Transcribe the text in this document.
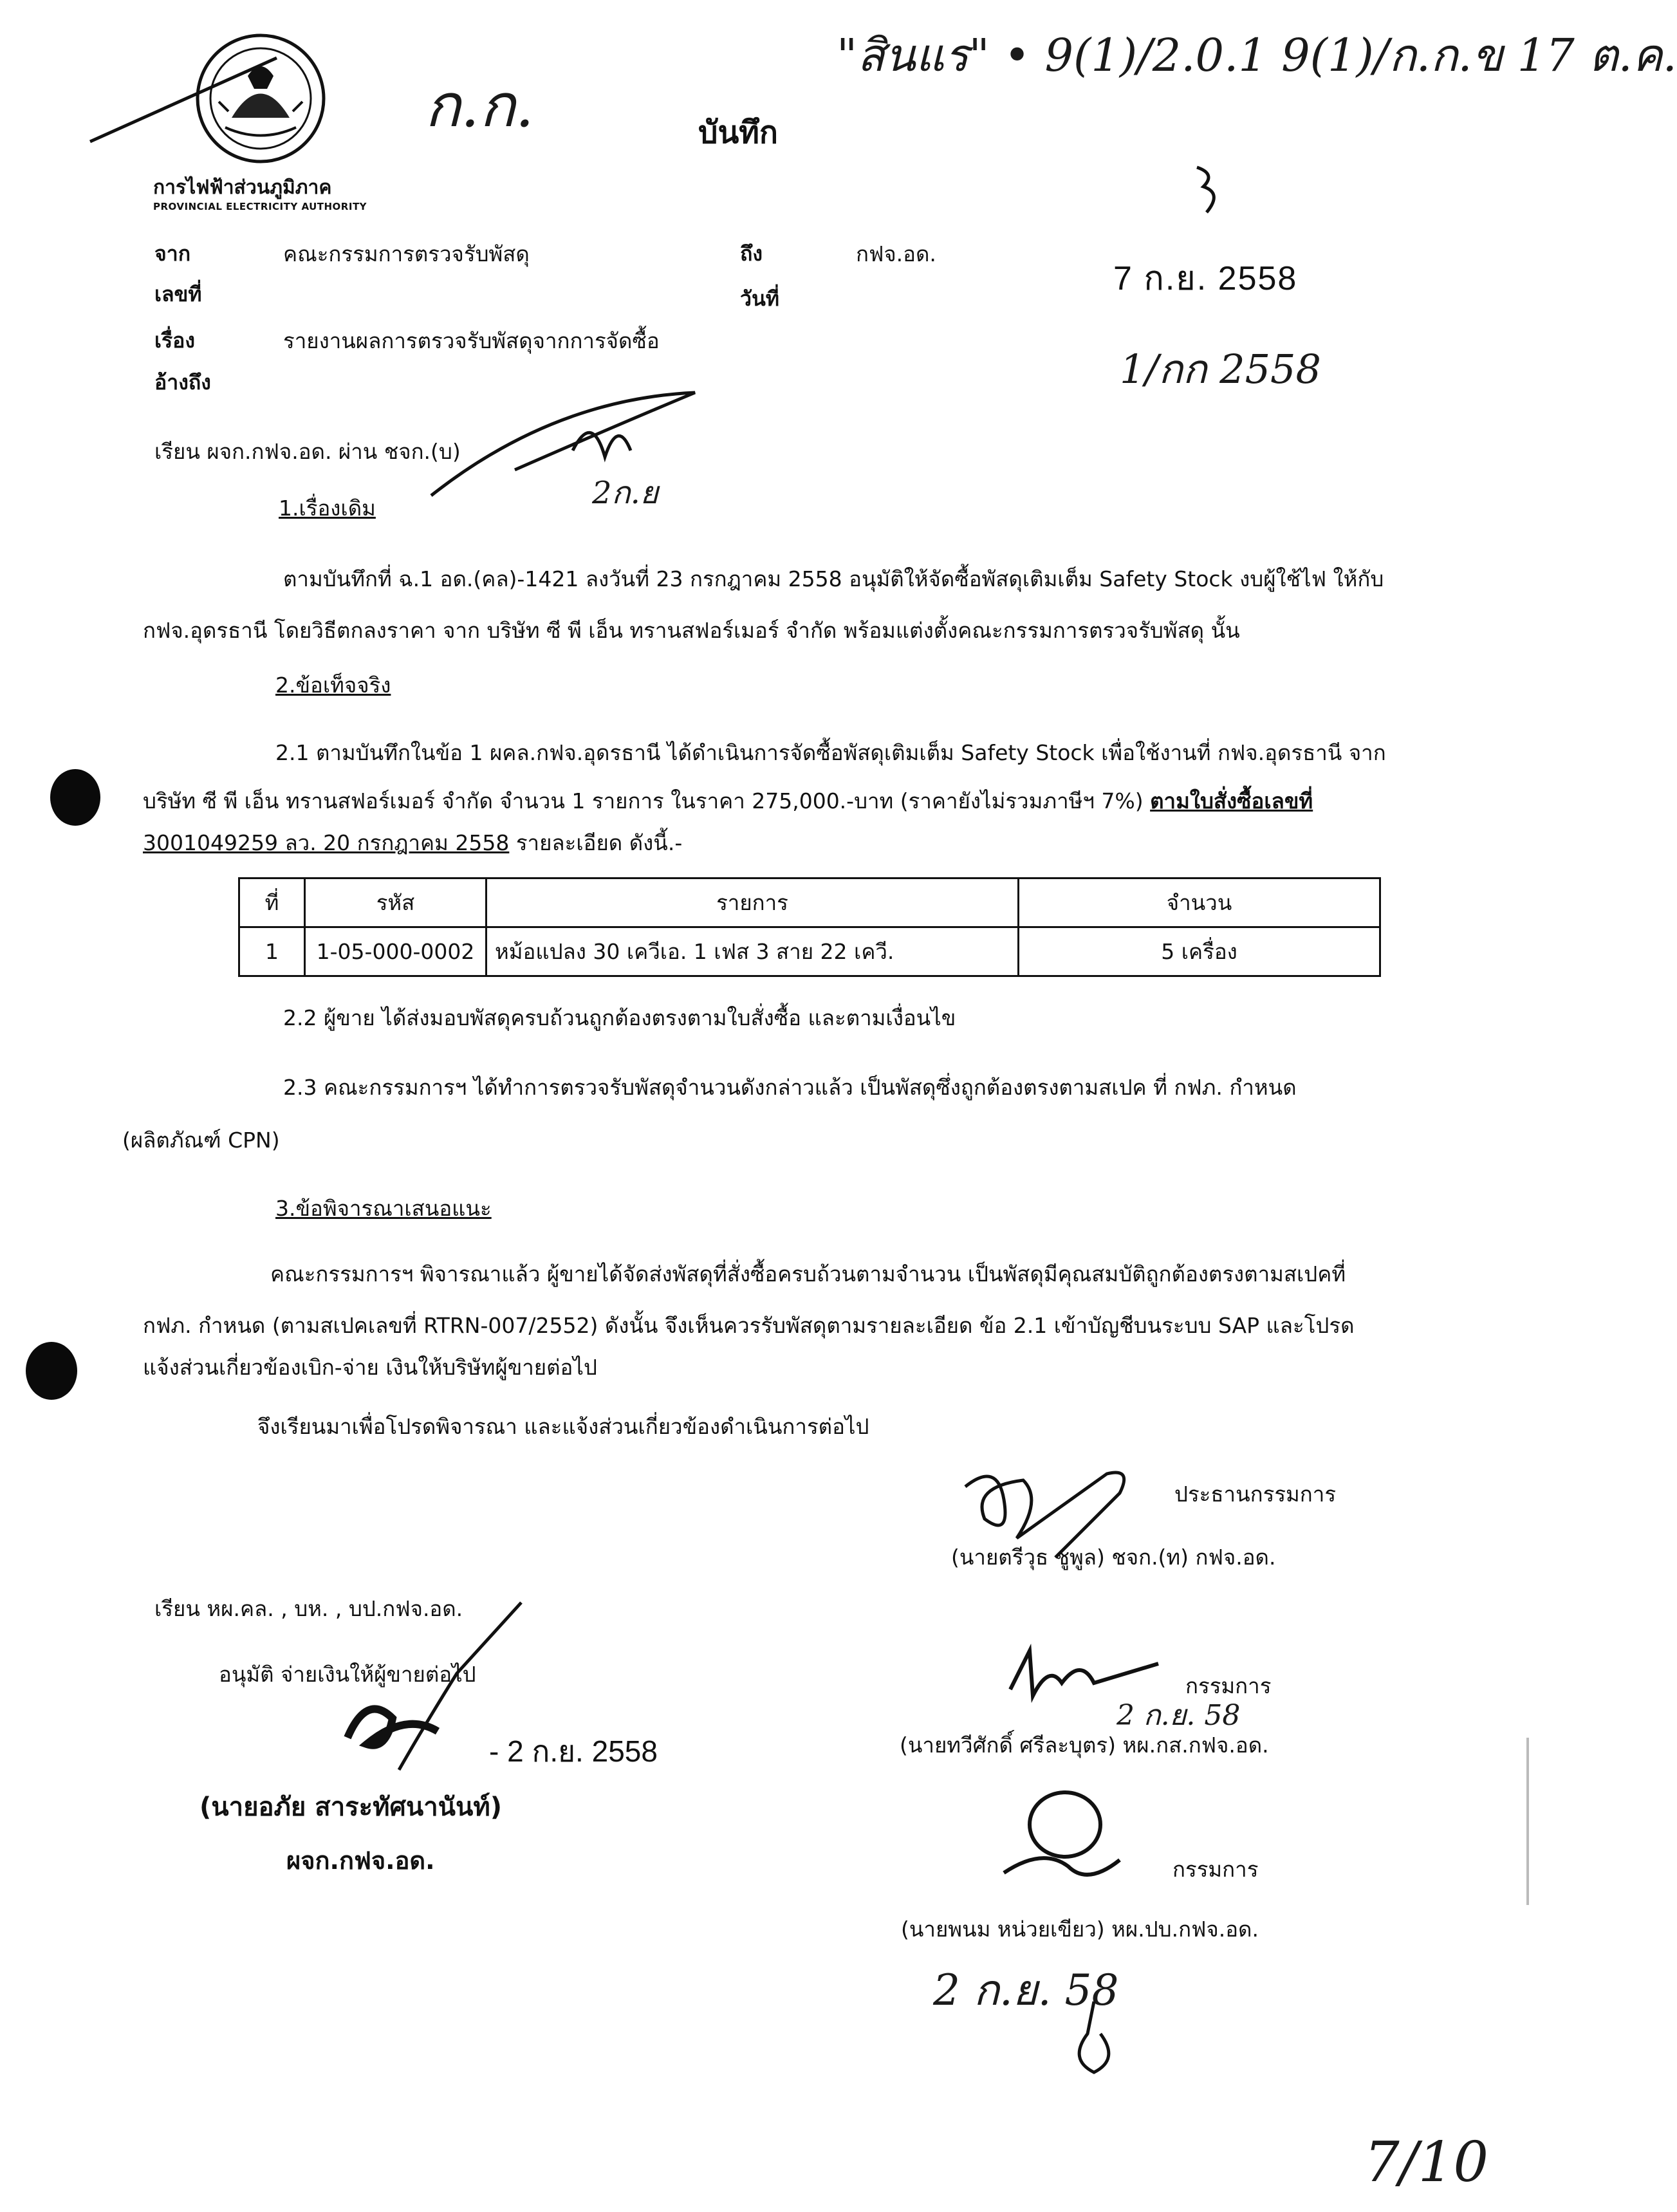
การไฟฟ้าส่วนภูมิภาค
PROVINCIAL ELECTRICITY AUTHORITY
บันทึก
ก.ก.
"สินแร" • 9(1)/2.0.1 9(1)/ก.ก.ข 17 ต.ค.
จาก	คณะกรรมการตรวจรับพัสดุ	ถึง	กฟจ.อด.
เลขที่	วันที่
7 ก.ย. 2558
เรื่อง	รายงานผลการตรวจรับพัสดุจากการจัดซื้อ
1/กก 2558
อ้างถึง
เรียน ผจก.กฟจ.อด. ผ่าน ชจก.(บ)
2ก.ย
1.เรื่องเดิม
ตามบันทึกที่ ฉ.1 อด.(คล)-1421 ลงวันที่ 23 กรกฎาคม 2558 อนุมัติให้จัดซื้อพัสดุเติมเต็ม Safety Stock งบผู้ใช้ไฟ ให้กับ
กฟจ.อุดรธานี โดยวิธีตกลงราคา จาก บริษัท ซี พี เอ็น ทรานสฟอร์เมอร์ จำกัด พร้อมแต่งตั้งคณะกรรมการตรวจรับพัสดุ นั้น
2.ข้อเท็จจริง
2.1 ตามบันทึกในข้อ 1 ผคล.กฟจ.อุดรธานี ได้ดำเนินการจัดซื้อพัสดุเติมเต็ม Safety Stock เพื่อใช้งานที่ กฟจ.อุดรธานี จาก
บริษัท ซี พี เอ็น ทรานสฟอร์เมอร์ จำกัด จำนวน 1 รายการ ในราคา 275,000.-บาท (ราคายังไม่รวมภาษีฯ 7%) ตามใบสั่งซื้อเลขที่
3001049259 ลว. 20 กรกฎาคม 2558 รายละเอียด ดังนี้.-
ที่	รหัส	รายการ	จำนวน
1	1-05-000-0002	หม้อแปลง 30 เควีเอ. 1 เฟส 3 สาย 22 เควี.	5 เครื่อง
2.2 ผู้ขาย ได้ส่งมอบพัสดุครบถ้วนถูกต้องตรงตามใบสั่งซื้อ และตามเงื่อนไข
2.3 คณะกรรมการฯ ได้ทำการตรวจรับพัสดุจำนวนดังกล่าวแล้ว เป็นพัสดุซึ่งถูกต้องตรงตามสเปค ที่ กฟภ. กำหนด
(ผลิตภัณฑ์ CPN)
3.ข้อพิจารณาเสนอแนะ
คณะกรรมการฯ พิจารณาแล้ว ผู้ขายได้จัดส่งพัสดุที่สั่งซื้อครบถ้วนตามจำนวน เป็นพัสดุมีคุณสมบัติถูกต้องตรงตามสเปคที่
กฟภ. กำหนด (ตามสเปคเลขที่ RTRN-007/2552) ดังนั้น จึงเห็นควรรับพัสดุตามรายละเอียด ข้อ 2.1 เข้าบัญชีบนระบบ SAP และโปรด
แจ้งส่วนเกี่ยวข้องเบิก-จ่าย เงินให้บริษัทผู้ขายต่อไป
จึงเรียนมาเพื่อโปรดพิจารณา และแจ้งส่วนเกี่ยวข้องดำเนินการต่อไป
ประธานกรรมการ
(นายตรีวุธ ชูพูล) ชจก.(ท) กฟจ.อด.
กรรมการ
2 ก.ย. 58
(นายทวีศักดิ์ ศรีละบุตร) หผ.กส.กฟจ.อด.
กรรมการ
(นายพนม หน่วยเขียว) หผ.ปบ.กฟจ.อด.
2 ก.ย. 58
เรียน หผ.คล. , บห. , บป.กฟจ.อด.
อนุมัติ จ่ายเงินให้ผู้ขายต่อไป
- 2 ก.ย. 2558
(นายอภัย สาระทัศนานันท์)
ผจก.กฟจ.อด.
7/10
